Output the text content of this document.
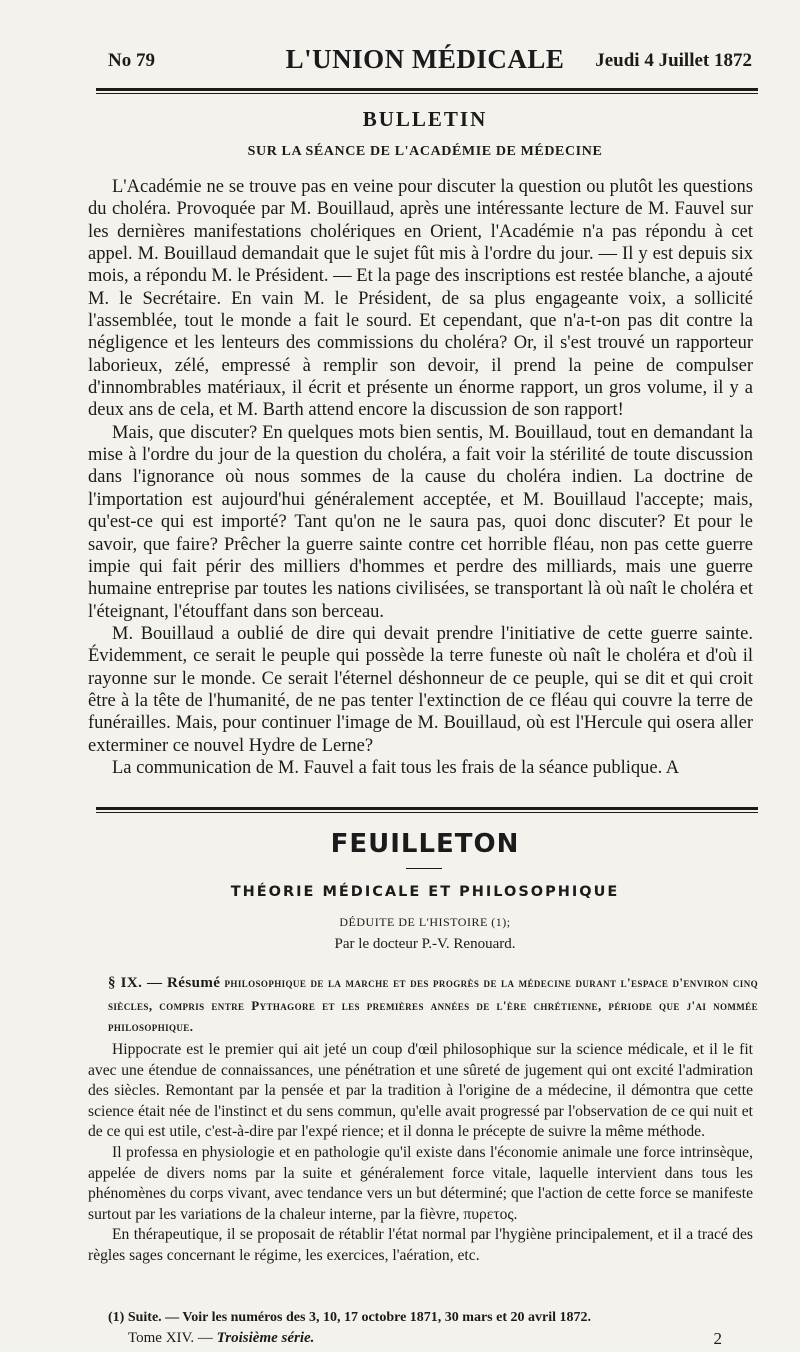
No 79	L'UNION MÉDICALE	Jeudi 4 Juillet 1872
BULLETIN
SUR LA SÉANCE DE L'ACADÉMIE DE MÉDECINE

L'Académie ne se trouve pas en veine pour discuter la question ou plutôt les questions du choléra. Provoquée par M. Bouillaud, après une intéressante lecture de M. Fauvel sur les dernières manifestations cholériques en Orient, l'Académie n'a pas répondu à cet appel. M. Bouillaud demandait que le sujet fût mis à l'ordre du jour. — Il y est depuis six mois, a répondu M. le Président. — Et la page des inscriptions est restée blanche, a ajouté M. le Secrétaire. En vain M. le Président, de sa plus engageante voix, a sollicité l'assemblée, tout le monde a fait le sourd. Et cependant, que n'a-t-on pas dit contre la négligence et les lenteurs des commissions du choléra? Or, il s'est trouvé un rapporteur laborieux, zélé, empressé à remplir son devoir, il prend la peine de compulser d'innombrables matériaux, il écrit et présente un énorme rapport, un gros volume, il y a deux ans de cela, et M. Barth attend encore la discussion de son rapport!

Mais, que discuter? En quelques mots bien sentis, M. Bouillaud, tout en demandant la mise à l'ordre du jour de la question du choléra, a fait voir la stérilité de toute discussion dans l'ignorance où nous sommes de la cause du choléra indien. La doctrine de l'importation est aujourd'hui généralement acceptée, et M. Bouillaud l'accepte; mais, qu'est-ce qui est importé? Tant qu'on ne le saura pas, quoi donc discuter? Et pour le savoir, que faire? Prêcher la guerre sainte contre cet horrible fléau, non pas cette guerre impie qui fait périr des milliers d'hommes et perdre des milliards, mais une guerre humaine entreprise par toutes les nations civilisées, se transportant là où naît le choléra et l'éteignant, l'étouffant dans son berceau.

M. Bouillaud a oublié de dire qui devait prendre l'initiative de cette guerre sainte. Évidemment, ce serait le peuple qui possède la terre funeste où naît le choléra et d'où il rayonne sur le monde. Ce serait l'éternel déshonneur de ce peuple, qui se dit et qui croit être à la tête de l'humanité, de ne pas tenter l'extinction de ce fléau qui couvre la terre de funérailles. Mais, pour continuer l'image de M. Bouillaud, où est l'Hercule qui osera aller exterminer ce nouvel Hydre de Lerne?

La communication de M. Fauvel a fait tous les frais de la séance publique. A

FEUILLETON
THÉORIE MÉDICALE ET PHILOSOPHIQUE
DÉDUITE DE L'HISTOIRE (1);
Par le docteur P.-V. Renouard.
§ IX. — Résumé philosophique de la marche et des progrès de la médecine durant l'espace d'environ cinq siècles, compris entre Pythagore et les premières années de l'ère chrétienne, période que j'ai nommée philosophique.

Hippocrate est le premier qui ait jeté un coup d'œil philosophique sur la science médicale, et il le fit avec une étendue de connaissances, une pénétration et une sûreté de jugement qui ont excité l'admiration des siècles. Remontant par la pensée et par la tradition à l'origine de a médecine, il démontra que cette science était née de l'instinct et du sens commun, qu'elle avait progressé par l'observation de ce qui nuit et de ce qui est utile, c'est-à-dire par l'expé rience; et il donna le précepte de suivre la même méthode.

Il professa en physiologie et en pathologie qu'il existe dans l'économie animale une force intrinsèque, appelée de divers noms par la suite et généralement force vitale, laquelle intervient dans tous les phénomènes du corps vivant, avec tendance vers un but déterminé; que l'action de cette force se manifeste surtout par les variations de la chaleur interne, par la fièvre, πυρετος.

En thérapeutique, il se proposait de rétablir l'état normal par l'hygiène principalement, et il a tracé des règles sages concernant le régime, les exercices, l'aération, etc.

(1) Suite. — Voir les numéros des 3, 10, 17 octobre 1871, 30 mars et 20 avril 1872.
Tome XIV. — Troisième série.	2
